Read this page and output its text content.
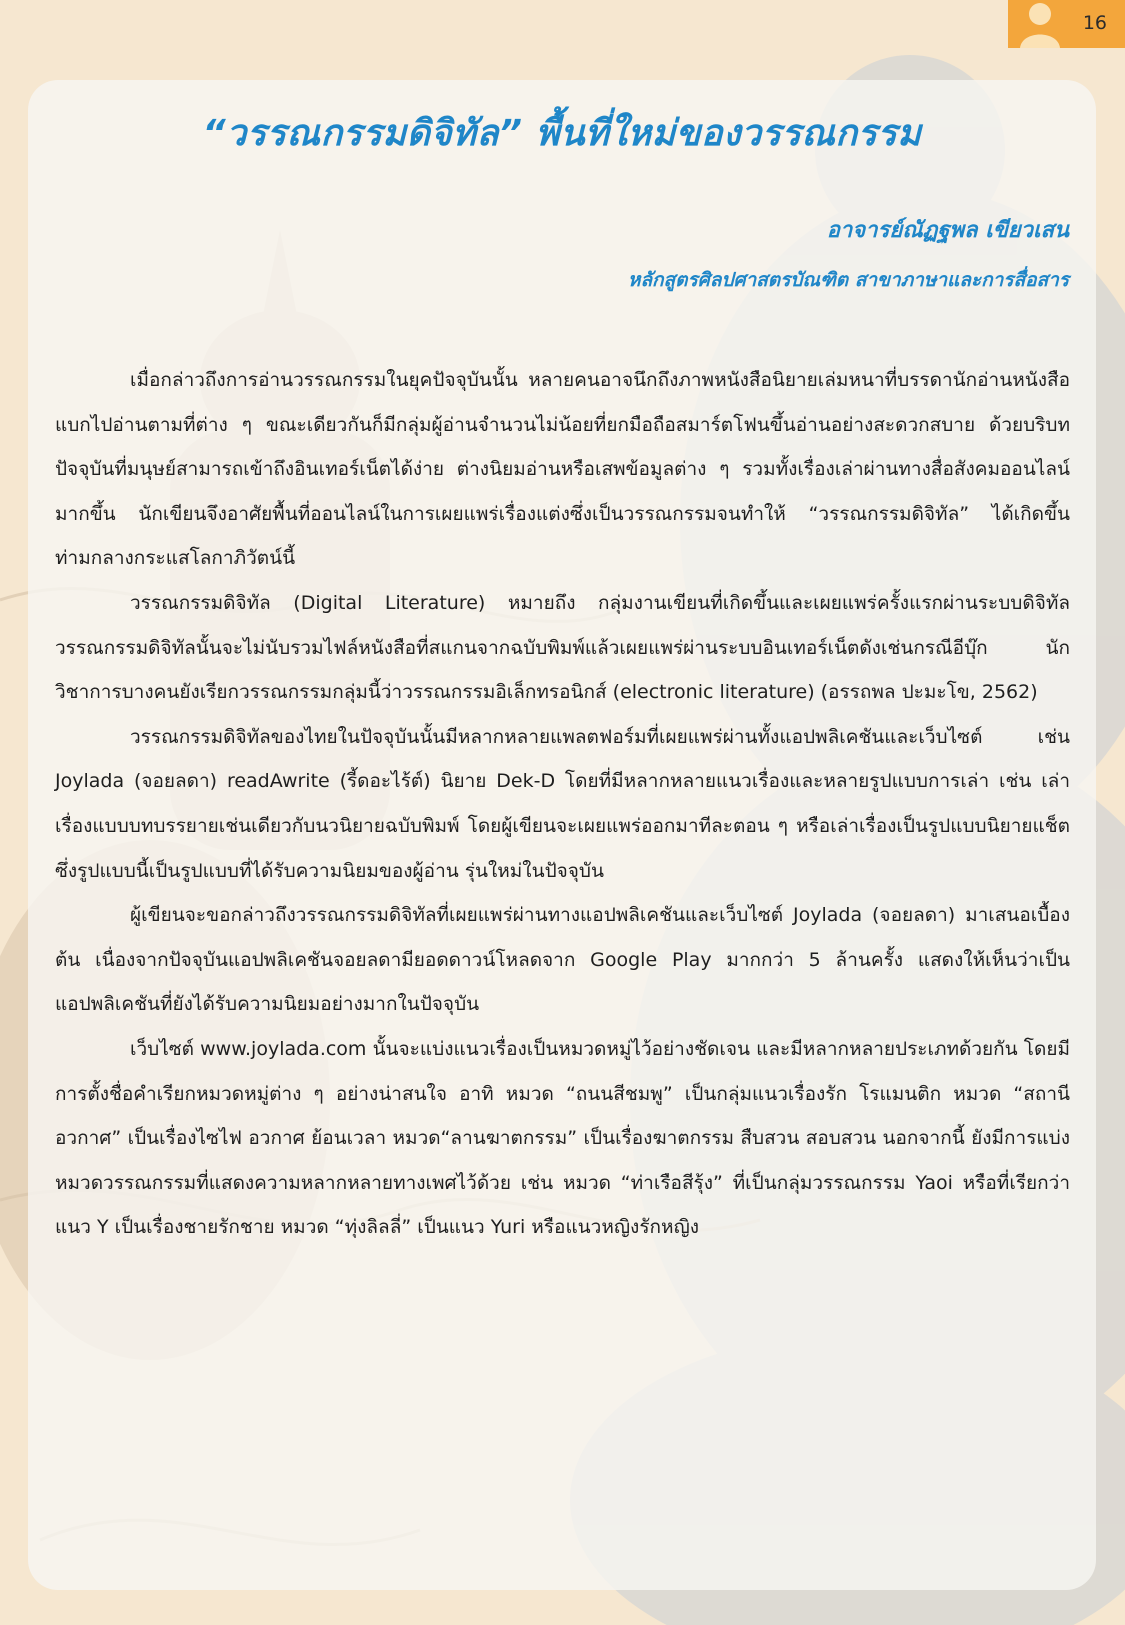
16
“วรรณกรรมดิจิทัล” พื้นที่ใหม่ของวรรณกรรม
อาจารย์ณัฏฐพล เขียวเสน
หลักสูตรศิลปศาสตรบัณฑิต สาขาภาษาและการสื่อสาร

เมื่อกล่าวถึงการอ่านวรรณกรรมในยุคปัจจุบันนั้น หลายคนอาจนึกถึงภาพหนังสือนิยายเล่มหนาที่บรรดานักอ่านหนังสือแบกไปอ่านตามที่ต่าง ๆ ขณะเดียวกันก็มีกลุ่มผู้อ่านจำนวนไม่น้อยที่ยกมือถือสมาร์ตโฟนขึ้นอ่านอย่างสะดวกสบาย ด้วยบริบทปัจจุบันที่มนุษย์สามารถเข้าถึงอินเทอร์เน็ตได้ง่าย ต่างนิยมอ่านหรือเสพข้อมูลต่าง ๆ รวมทั้งเรื่องเล่าผ่านทางสื่อสังคมออนไลน์มากขึ้น นักเขียนจึงอาศัยพื้นที่ออนไลน์ในการเผยแพร่เรื่องแต่งซึ่งเป็นวรรณกรรมจนทำให้ “วรรณกรรมดิจิทัล” ได้เกิดขึ้นท่ามกลางกระแสโลกาภิวัตน์นี้

วรรณกรรมดิจิทัล (Digital Literature) หมายถึง กลุ่มงานเขียนที่เกิดขึ้นและเผยแพร่ครั้งแรกผ่านระบบดิจิทัล วรรณกรรมดิจิทัลนั้นจะไม่นับรวมไฟล์หนังสือที่สแกนจากฉบับพิมพ์แล้วเผยแพร่ผ่านระบบอินเทอร์เน็ตดังเช่นกรณีอีบุ๊ก นักวิชาการบางคนยังเรียกวรรณกรรมกลุ่มนี้ว่าวรรณกรรมอิเล็กทรอนิกส์ (electronic literature) (อรรถพล ปะมะโข, 2562)

วรรณกรรมดิจิทัลของไทยในปัจจุบันนั้นมีหลากหลายแพลตฟอร์มที่เผยแพร่ผ่านทั้งแอปพลิเคชันและเว็บไซต์ เช่น Joylada (จอยลดา) readAwrite (รี้ดอะไร้ต์) นิยาย Dek-D โดยที่มีหลากหลายแนวเรื่องและหลายรูปแบบการเล่า เช่น เล่าเรื่องแบบบทบรรยายเช่นเดียวกับนวนิยายฉบับพิมพ์ โดยผู้เขียนจะเผยแพร่ออกมาทีละตอน ๆ หรือเล่าเรื่องเป็นรูปแบบนิยายแช็ตซึ่งรูปแบบนี้เป็นรูปแบบที่ได้รับความนิยมของผู้อ่าน รุ่นใหม่ในปัจจุบัน

ผู้เขียนจะขอกล่าวถึงวรรณกรรมดิจิทัลที่เผยแพร่ผ่านทางแอปพลิเคชันและเว็บไซต์ Joylada (จอยลดา) มาเสนอเบื้องต้น เนื่องจากปัจจุบันแอปพลิเคชันจอยลดามียอดดาวน์โหลดจาก Google Play มากกว่า 5 ล้านครั้ง แสดงให้เห็นว่าเป็นแอปพลิเคชันที่ยังได้รับความนิยมอย่างมากในปัจจุบัน

เว็บไซต์ www.joylada.com นั้นจะแบ่งแนวเรื่องเป็นหมวดหมู่ไว้อย่างชัดเจน และมีหลากหลายประเภทด้วยกัน โดยมีการตั้งชื่อคำเรียกหมวดหมู่ต่าง ๆ อย่างน่าสนใจ อาทิ หมวด “ถนนสีชมพู” เป็นกลุ่มแนวเรื่องรัก โรแมนติก หมวด “สถานีอวกาศ” เป็นเรื่องไซไฟ อวกาศ ย้อนเวลา หมวด“ลานฆาตกรรม” เป็นเรื่องฆาตกรรม สืบสวน สอบสวน นอกจากนี้ ยังมีการแบ่งหมวดวรรณกรรมที่แสดงความหลากหลายทางเพศไว้ด้วย เช่น หมวด “ท่าเรือสีรุ้ง” ที่เป็นกลุ่มวรรณกรรม Yaoi หรือที่เรียกว่าแนว Y เป็นเรื่องชายรักชาย หมวด “ทุ่งลิลลี่” เป็นแนว Yuri หรือแนวหญิงรักหญิง
